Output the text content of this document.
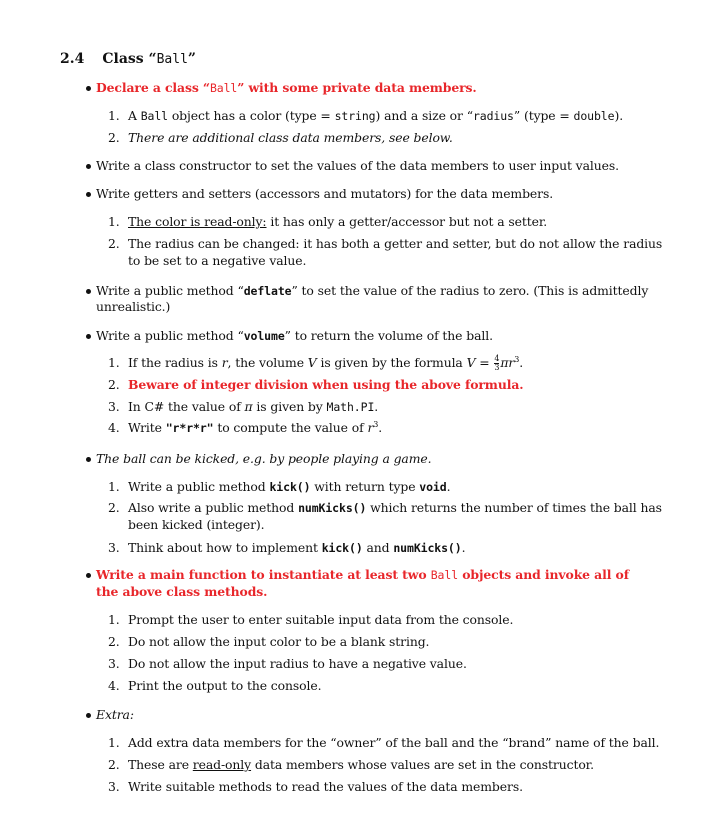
2.4 Class “Ball”
Declare a class “Ball” with some private data members.
1. A Ball object has a color (type = string) and a size or “radius” (type = double).
2. There are additional class data members, see below.
Write a class constructor to set the values of the data members to user input values.
Write getters and setters (accessors and mutators) for the data members.
1. The color is read-only: it has only a getter/accessor but not a setter.
2. The radius can be changed: it has both a getter and setter, but do not allow the radius
to be set to a negative value.
Write a public method “deflate” to set the value of the radius to zero. (This is admittedly
unrealistic.)
Write a public method “volume” to return the volume of the ball.
1. If the radius is r, the volume V is given by the formula $V = \frac{4}{3} \pi r^3$.
2. Beware of integer division when using the above formula.
3. In C# the value of π is given by Math.PI.
4. Write "r*r*r" to compute the value of $r^3$.
The ball can be kicked, e.g. by people playing a game.
1. Write a public method kick() with return type void.
2. Also write a public method numKicks() which returns the number of times the ball has
been kicked (integer).
3. Think about how to implement kick() and numKicks().
Write a main function to instantiate at least two Ball objects and invoke all of
the above class methods.
1. Prompt the user to enter suitable input data from the console.
2. Do not allow the input color to be a blank string.
3. Do not allow the input radius to have a negative value.
4. Print the output to the console.
Extra:
1. Add extra data members for the “owner” of the ball and the “brand” name of the ball.
2. These are read-only data members whose values are set in the constructor.
3. Write suitable methods to read the values of the data members.
